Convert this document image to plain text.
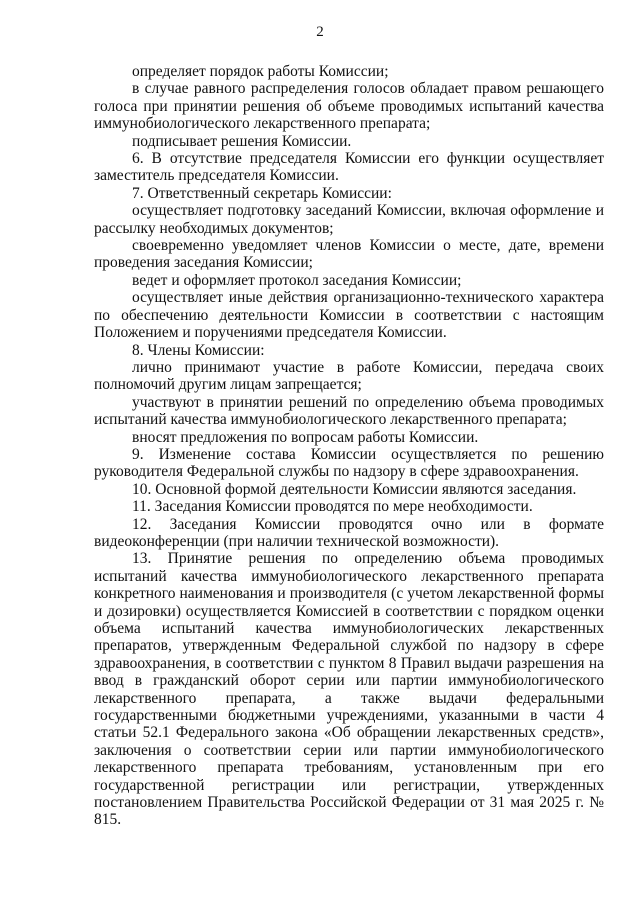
2

определяет порядок работы Комиссии;

в случае равного распределения голосов обладает правом решающего голоса при принятии решения об объеме проводимых испытаний качества иммунобиологического лекарственного препарата;

подписывает решения Комиссии.

6. В отсутствие председателя Комиссии его функции осуществляет заместитель председателя Комиссии.

7. Ответственный секретарь Комиссии:

осуществляет подготовку заседаний Комиссии, включая оформление и рассылку необходимых документов;

своевременно уведомляет членов Комиссии о месте, дате, времени проведения заседания Комиссии;

ведет и оформляет протокол заседания Комиссии;

осуществляет иные действия организационно-технического характера по обеспечению деятельности Комиссии в соответствии с настоящим Положением и поручениями председателя Комиссии.

8. Члены Комиссии:

лично принимают участие в работе Комиссии, передача своих полномочий другим лицам запрещается;

участвуют в принятии решений по определению объема проводимых испытаний качества иммунобиологического лекарственного препарата;

вносят предложения по вопросам работы Комиссии.

9. Изменение состава Комиссии осуществляется по решению руководителя Федеральной службы по надзору в сфере здравоохранения.

10. Основной формой деятельности Комиссии являются заседания.

11. Заседания Комиссии проводятся по мере необходимости.

12. Заседания Комиссии проводятся очно или в формате видеоконференции (при наличии технической возможности).

13. Принятие решения по определению объема проводимых испытаний качества иммунобиологического лекарственного препарата конкретного наименования и производителя (с учетом лекарственной формы и дозировки) осуществляется Комиссией в соответствии с порядком оценки объема испытаний качества иммунобиологических лекарственных препаратов, утвержденным Федеральной службой по надзору в сфере здравоохранения, в соответствии с пунктом 8 Правил выдачи разрешения на ввод в гражданский оборот серии или партии иммунобиологического лекарственного препарата, а также выдачи федеральными государственными бюджетными учреждениями, указанными в части 4 статьи 52.1 Федерального закона «Об обращении лекарственных средств», заключения о соответствии серии или партии иммунобиологического лекарственного препарата требованиям, установленным при его государственной регистрации или регистрации, утвержденных постановлением Правительства Российской Федерации от 31 мая 2025 г. № 815.
